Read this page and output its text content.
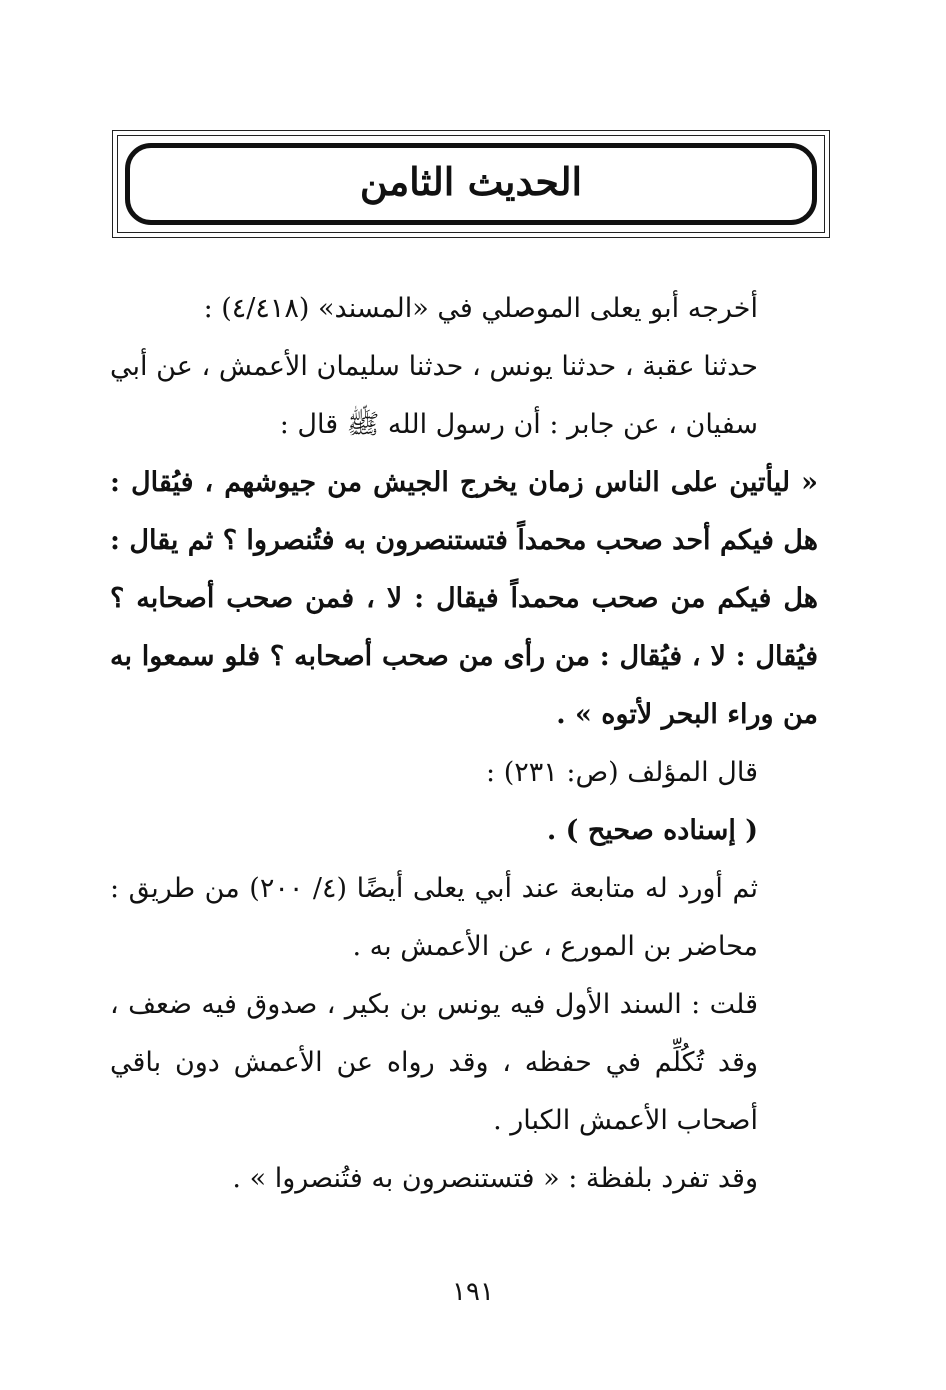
الحديث الثامن

أخرجه أبو يعلى الموصلي في «المسند» (٤/٤١٨) :

حدثنا عقبة ، حدثنا يونس ، حدثنا سليمان الأعمش ، عن أبي سفيان ، عن جابر : أن رسول الله ﷺ قال :

« ليأتين على الناس زمان يخرج الجيش من جيوشهم ، فيُقال : هل فيكم أحد صحب محمداً فتستنصرون به فتُنصروا ؟ ثم يقال : هل فيكم من صحب محمداً فيقال : لا ، فمن صحب أصحابه ؟ فيُقال : لا ، فيُقال : من رأى من صحب أصحابه ؟ فلو سمعوا به من وراء البحر لأتوه » .

قال المؤلف (ص: ٢٣١) :

( إسناده صحيح ) .

ثم أورد له متابعة عند أبي يعلى أيضًا (٤/ ٢٠٠) من طريق : محاضر بن المورع ، عن الأعمش به .

قلت : السند الأول فيه يونس بن بكير ، صدوق فيه ضعف ، وقد تُكُلِّم في حفظه ، وقد رواه عن الأعمش دون باقي أصحاب الأعمش الكبار .

وقد تفرد بلفظة : « فتستنصرون به فتُنصروا » .

١٩١
